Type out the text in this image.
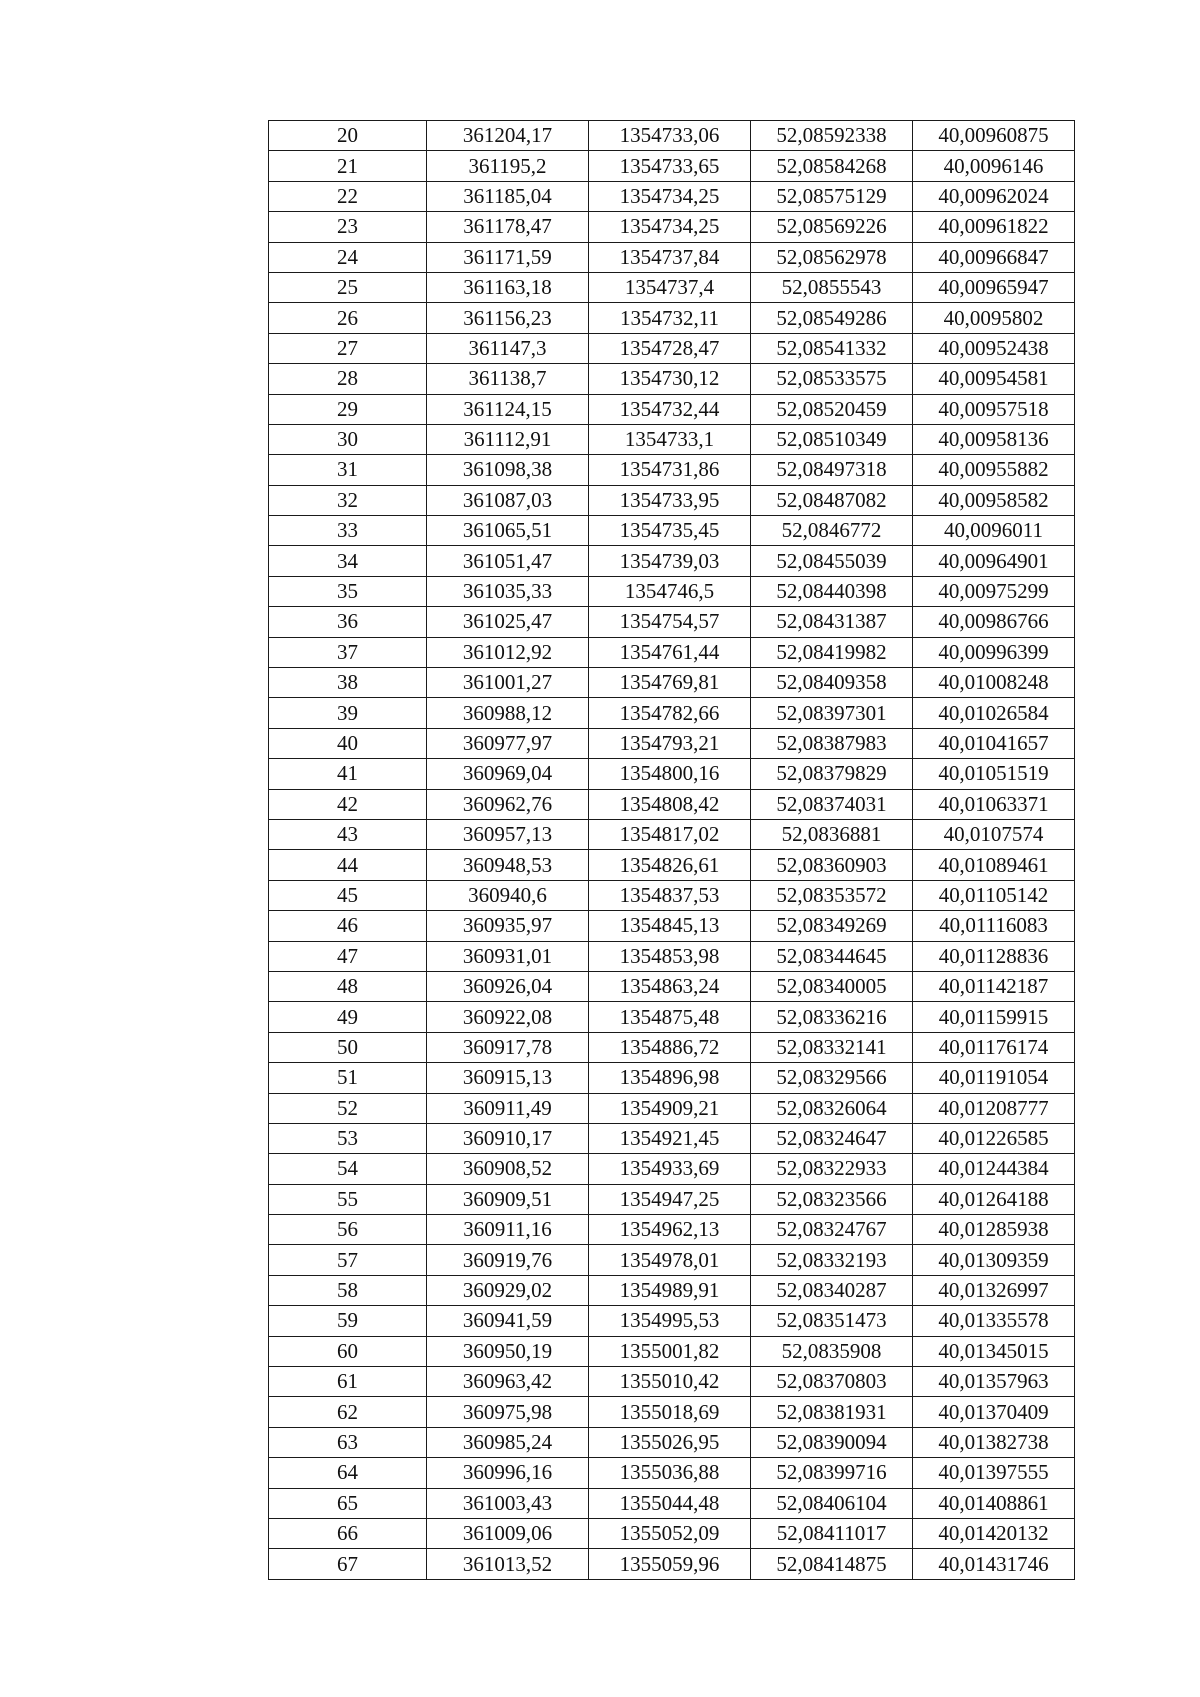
20	361204,17	1354733,06	52,08592338	40,00960875
21	361195,2	1354733,65	52,08584268	40,0096146
22	361185,04	1354734,25	52,08575129	40,00962024
23	361178,47	1354734,25	52,08569226	40,00961822
24	361171,59	1354737,84	52,08562978	40,00966847
25	361163,18	1354737,4	52,0855543	40,00965947
26	361156,23	1354732,11	52,08549286	40,0095802
27	361147,3	1354728,47	52,08541332	40,00952438
28	361138,7	1354730,12	52,08533575	40,00954581
29	361124,15	1354732,44	52,08520459	40,00957518
30	361112,91	1354733,1	52,08510349	40,00958136
31	361098,38	1354731,86	52,08497318	40,00955882
32	361087,03	1354733,95	52,08487082	40,00958582
33	361065,51	1354735,45	52,0846772	40,0096011
34	361051,47	1354739,03	52,08455039	40,00964901
35	361035,33	1354746,5	52,08440398	40,00975299
36	361025,47	1354754,57	52,08431387	40,00986766
37	361012,92	1354761,44	52,08419982	40,00996399
38	361001,27	1354769,81	52,08409358	40,01008248
39	360988,12	1354782,66	52,08397301	40,01026584
40	360977,97	1354793,21	52,08387983	40,01041657
41	360969,04	1354800,16	52,08379829	40,01051519
42	360962,76	1354808,42	52,08374031	40,01063371
43	360957,13	1354817,02	52,0836881	40,0107574
44	360948,53	1354826,61	52,08360903	40,01089461
45	360940,6	1354837,53	52,08353572	40,01105142
46	360935,97	1354845,13	52,08349269	40,01116083
47	360931,01	1354853,98	52,08344645	40,01128836
48	360926,04	1354863,24	52,08340005	40,01142187
49	360922,08	1354875,48	52,08336216	40,01159915
50	360917,78	1354886,72	52,08332141	40,01176174
51	360915,13	1354896,98	52,08329566	40,01191054
52	360911,49	1354909,21	52,08326064	40,01208777
53	360910,17	1354921,45	52,08324647	40,01226585
54	360908,52	1354933,69	52,08322933	40,01244384
55	360909,51	1354947,25	52,08323566	40,01264188
56	360911,16	1354962,13	52,08324767	40,01285938
57	360919,76	1354978,01	52,08332193	40,01309359
58	360929,02	1354989,91	52,08340287	40,01326997
59	360941,59	1354995,53	52,08351473	40,01335578
60	360950,19	1355001,82	52,0835908	40,01345015
61	360963,42	1355010,42	52,08370803	40,01357963
62	360975,98	1355018,69	52,08381931	40,01370409
63	360985,24	1355026,95	52,08390094	40,01382738
64	360996,16	1355036,88	52,08399716	40,01397555
65	361003,43	1355044,48	52,08406104	40,01408861
66	361009,06	1355052,09	52,08411017	40,01420132
67	361013,52	1355059,96	52,08414875	40,01431746
